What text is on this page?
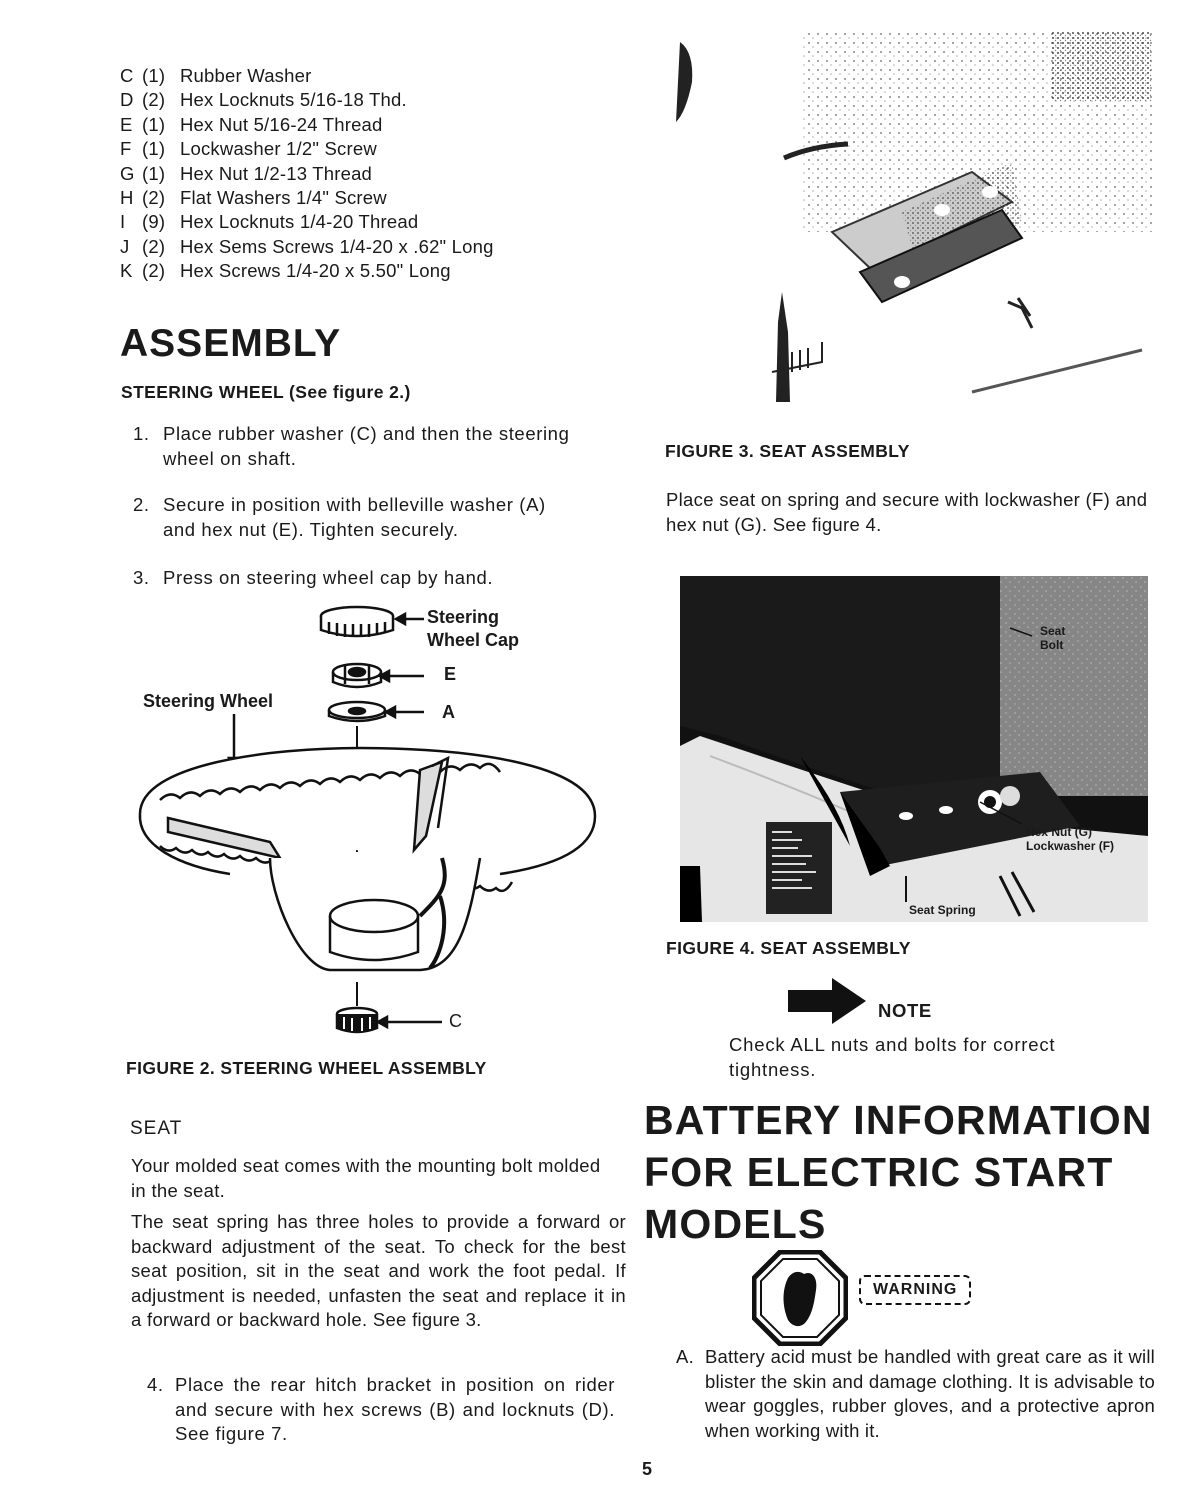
C (1) Rubber Washer
D (2) Hex Locknuts 5/16-18 Thd.
E (1) Hex Nut 5/16-24 Thread
F (1) Lockwasher 1/2" Screw
G (1) Hex Nut 1/2-13 Thread
H (2) Flat Washers 1/4" Screw
I (9) Hex Locknuts 1/4-20 Thread
J (2) Hex Sems Screws 1/4-20 x .62" Long
K (2) Hex Screws 1/4-20 x 5.50" Long
ASSEMBLY
STEERING WHEEL (See figure 2.)
1. Place rubber washer (C) and then the steering
wheel on shaft.
2. Secure in position with belleville washer (A)
and hex nut (E). Tighten securely.
3. Press on steering wheel cap by hand.
Steering
Wheel Cap
E
A
Steering Wheel
C
FIGURE 2. STEERING WHEEL ASSEMBLY
SEAT
Your molded seat comes with the mounting bolt molded in the seat.
The seat spring has three holes to provide a forward or backward adjustment of the seat. To check for the best seat position, sit in the seat and work the foot pedal. If adjustment is needed, unfasten the seat and replace it in a forward or backward hole. See figure 3.
4. Place the rear hitch bracket in position on rider and secure with hex screws (B) and locknuts (D). See figure 7.
FIGURE 3. SEAT ASSEMBLY
Place seat on spring and secure with lockwasher (F) and hex nut (G). See figure 4.
Seat
Bolt
Hex Nut (G)
Lockwasher (F)
Seat Spring
FIGURE 4. SEAT ASSEMBLY
NOTE
Check ALL nuts and bolts for correct tightness.
BATTERY INFORMATION
FOR ELECTRIC START
MODELS
WARNING
A. Battery acid must be handled with great care as it will blister the skin and damage clothing. It is advisable to wear goggles, rubber gloves, and a protective apron when working with it.
5
